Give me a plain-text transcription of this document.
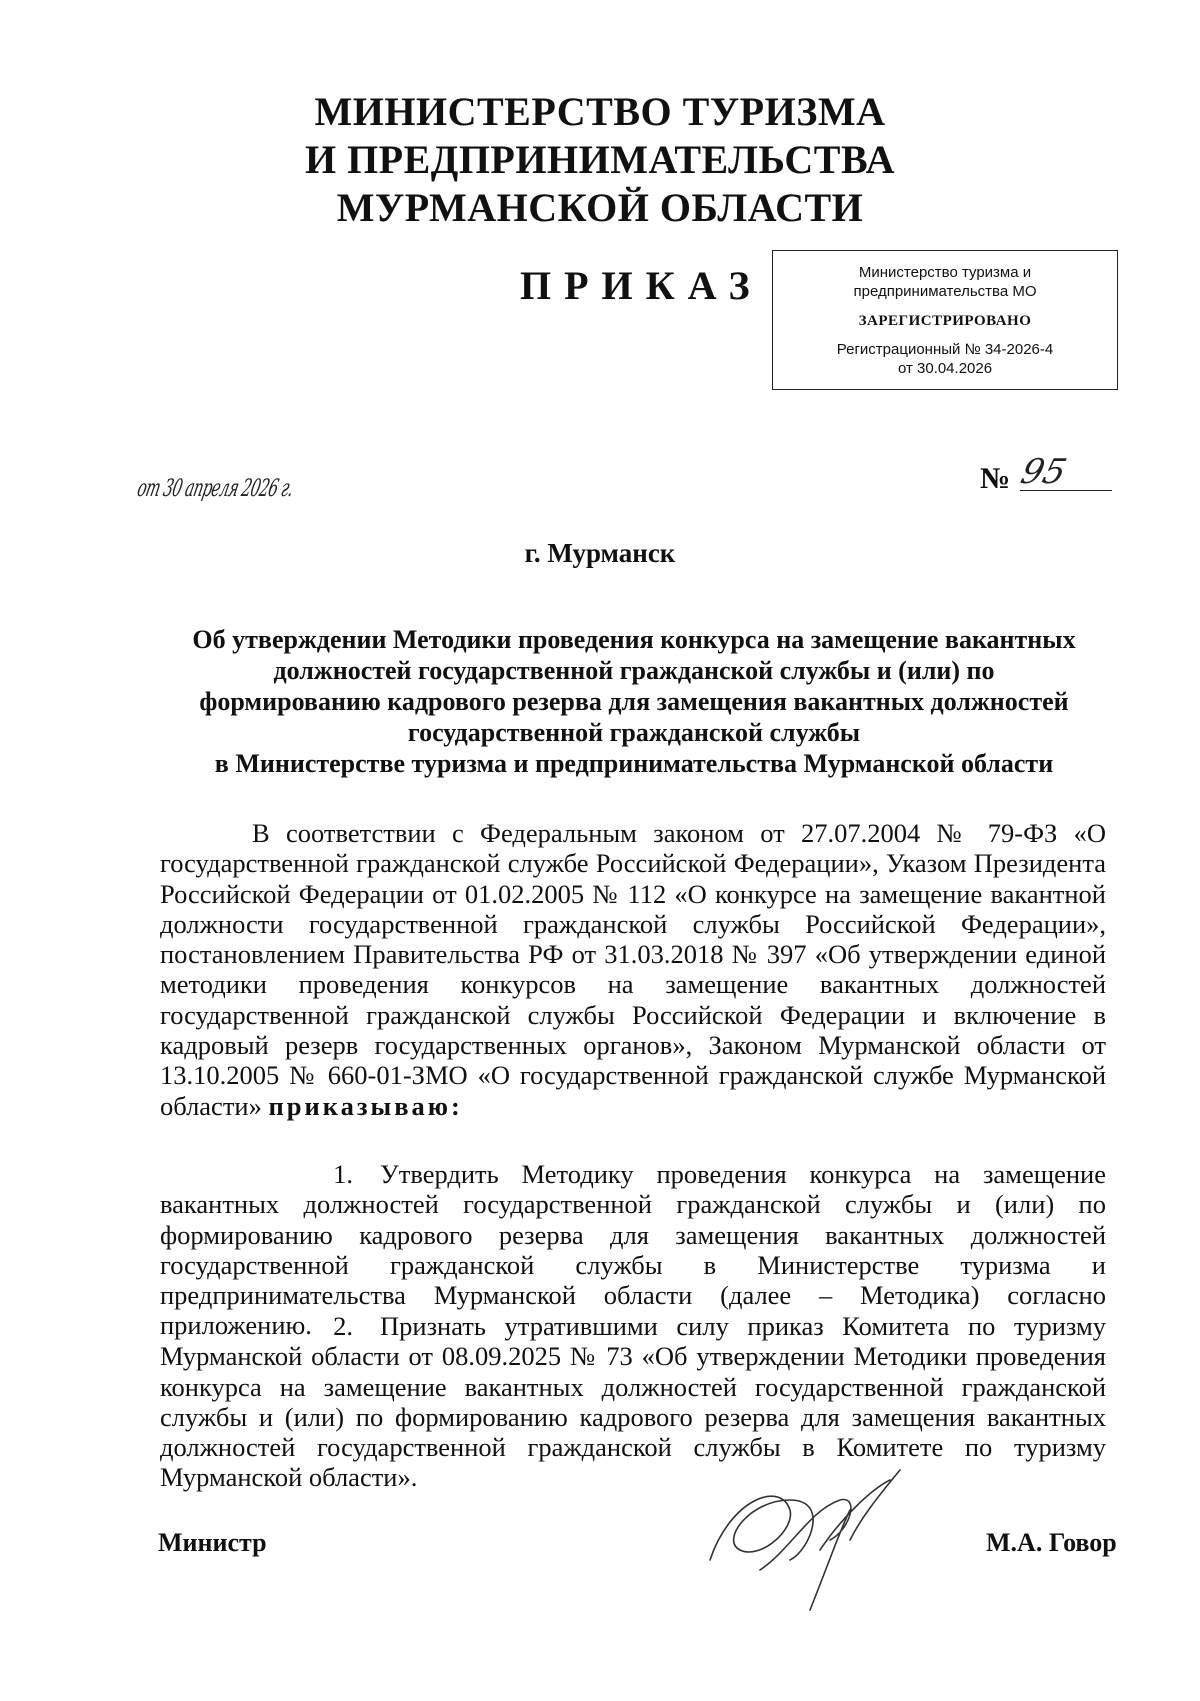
МИНИСТЕРСТВО ТУРИЗМА
И ПРЕДПРИНИМАТЕЛЬСТВА
МУРМАНСКОЙ ОБЛАСТИ
ПРИКАЗ	Министерство туризма и
предпринимательства МО
ЗАРЕГИСТРИРОВАНО
Регистрационный № 34-2026-4
от 30.04.2026
от 30 апреля 2026 г.	№ 95
г. Мурманск
Об утверждении Методики проведения конкурса на замещение вакантных
должностей государственной гражданской службы и (или) по
формированию кадрового резерва для замещения вакантных должностей
государственной гражданской службы
в Министерстве туризма и предпринимательства Мурманской области
В соответствии с Федеральным законом от 27.07.2004 № 79-ФЗ «О государственной гражданской службе Российской Федерации», Указом Президента Российской Федерации от 01.02.2005 № 112 «О конкурсе на замещение вакантной должности государственной гражданской службы Российской Федерации», постановлением Правительства РФ от 31.03.2018 № 397 «Об утверждении единой методики проведения конкурсов на замещение вакантных должностей государственной гражданской службы Российской Федерации и включение в кадровый резерв государственных органов», Законом Мурманской области от 13.10.2005 № 660-01-ЗМО «О государственной гражданской службе Мурманской области» приказываю:
1. Утвердить Методику проведения конкурса на замещение вакантных должностей государственной гражданской службы и (или) по формированию кадрового резерва для замещения вакантных должностей государственной гражданской службы в Министерстве туризма и предпринимательства Мурманской области (далее – Методика) согласно приложению. 2. Признать утратившими силу приказ Комитета по туризму Мурманской области от 08.09.2025 № 73 «Об утверждении Методики проведения конкурса на замещение вакантных должностей государственной гражданской службы и (или) по формированию кадрового резерва для замещения вакантных должностей государственной гражданской службы в Комитете по туризму Мурманской области».
Министр	М.А. Говор
